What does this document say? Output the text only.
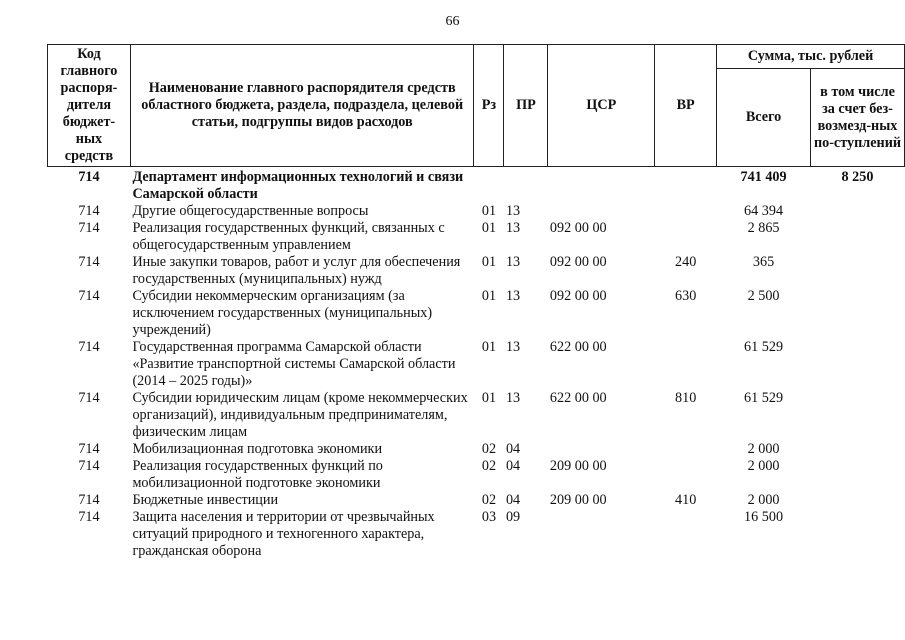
66
Код главного распоря-дителя бюджет-ных средств	Наименование главного распорядителя средств областного бюджета, раздела, подраздела, целевой статьи, подгруппы видов расходов	Рз	ПР	ЦСР	ВР	Сумма, тыс. рублей	
						Всего	в том числе за счет без-возмезд-ных по-ступлений
714	Департамент информационных технологий и связи Самарской области					741 409	8 250
714	Другие общегосударственные вопросы	01	13			64 394	
714	Реализация государственных функций, связанных с общегосударственным управлением	01	13	092 00 00		2 865	
714	Иные закупки товаров, работ и услуг для обеспечения государственных (муниципальных) нужд	01	13	092 00 00	240	365	
714	Субсидии некоммерческим организациям (за исключением государственных (муниципальных) учреждений)	01	13	092 00 00	630	2 500	
714	Государственная программа Самарской области «Развитие транспортной системы Самарской области (2014 – 2025 годы)»	01	13	622 00 00		61 529	
714	Субсидии юридическим лицам (кроме некоммерческих организаций), индивидуальным предпринимателям, физическим лицам	01	13	622 00 00	810	61 529	
714	Мобилизационная подготовка экономики	02	04			2 000	
714	Реализация государственных функций по мобилизационной подготовке экономики	02	04	209 00 00		2 000	
714	Бюджетные инвестиции	02	04	209 00 00	410	2 000	
714	Защита населения и территории от чрезвычайных ситуаций природного и техногенного характера, гражданская оборона	03	09			16 500	
